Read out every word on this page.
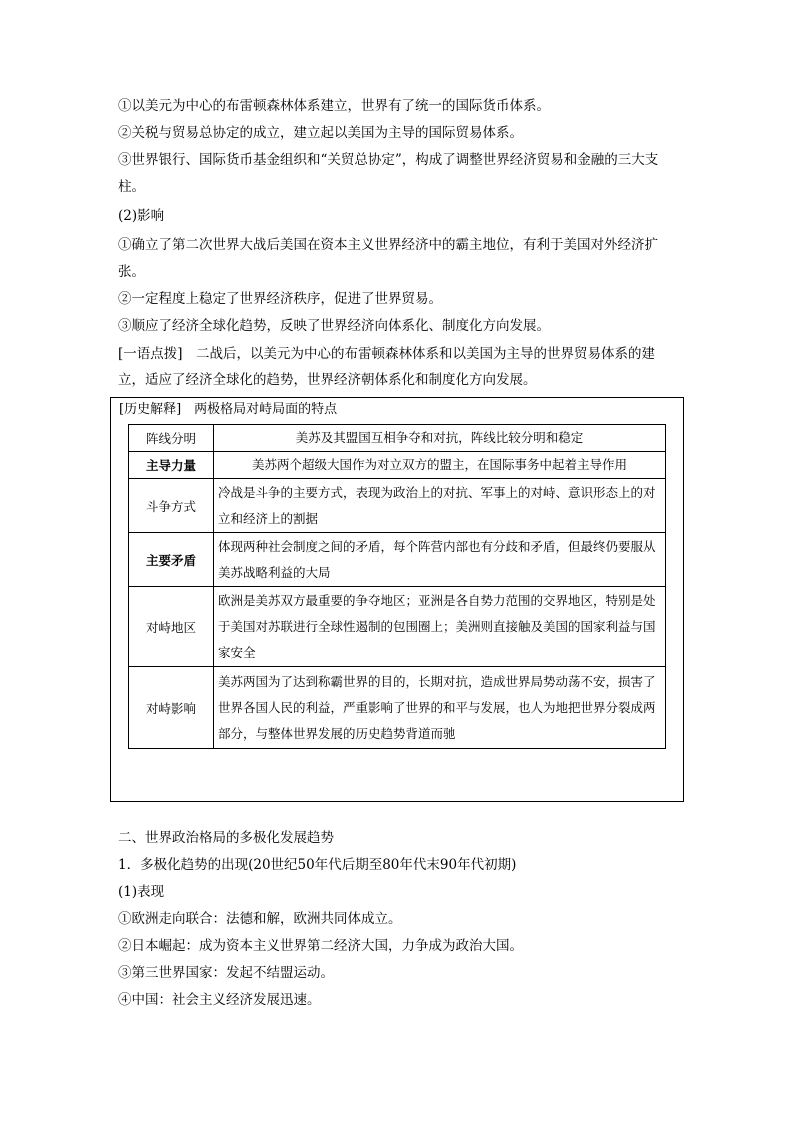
①以美元为中心的布雷顿森林体系建立，世界有了统一的国际货币体系。
②关税与贸易总协定的成立，建立起以美国为主导的国际贸易体系。
③世界银行、国际货币基金组织和“关贸总协定”，构成了调整世界经济贸易和金融的三大支
柱。
(2)影响
①确立了第二次世界大战后美国在资本主义世界经济中的霸主地位，有利于美国对外经济扩
张。
②一定程度上稳定了世界经济秩序，促进了世界贸易。
③顺应了经济全球化趋势，反映了世界经济向体系化、制度化方向发展。
[一语点拨]　二战后，以美元为中心的布雷顿森林体系和以美国为主导的世界贸易体系的建
立，适应了经济全球化的趋势，世界经济朝体系化和制度化方向发展。
[历史解释]　两极格局对峙局面的特点
阵线分明	美苏及其盟国互相争夺和对抗，阵线比较分明和稳定
主导力量	美苏两个超级大国作为对立双方的盟主，在国际事务中起着主导作用
斗争方式	冷战是斗争的主要方式，表现为政治上的对抗、军事上的对峙、意识形态上的对立和经济上的割据
主要矛盾	体现两种社会制度之间的矛盾，每个阵营内部也有分歧和矛盾，但最终仍要服从美苏战略利益的大局
对峙地区	欧洲是美苏双方最重要的争夺地区；亚洲是各自势力范围的交界地区，特别是处于美国对苏联进行全球性遏制的包围圈上；美洲则直接触及美国的国家利益与国家安全
对峙影响	美苏两国为了达到称霸世界的目的，长期对抗，造成世界局势动荡不安，损害了世界各国人民的利益，严重影响了世界的和平与发展，也人为地把世界分裂成两部分，与整体世界发展的历史趋势背道而驰
二、世界政治格局的多极化发展趋势
1．多极化趋势的出现(20世纪50年代后期至80年代末90年代初期)
(1)表现
①欧洲走向联合：法德和解，欧洲共同体成立。
②日本崛起：成为资本主义世界第二经济大国，力争成为政治大国。
③第三世界国家：发起不结盟运动。
④中国：社会主义经济发展迅速。
